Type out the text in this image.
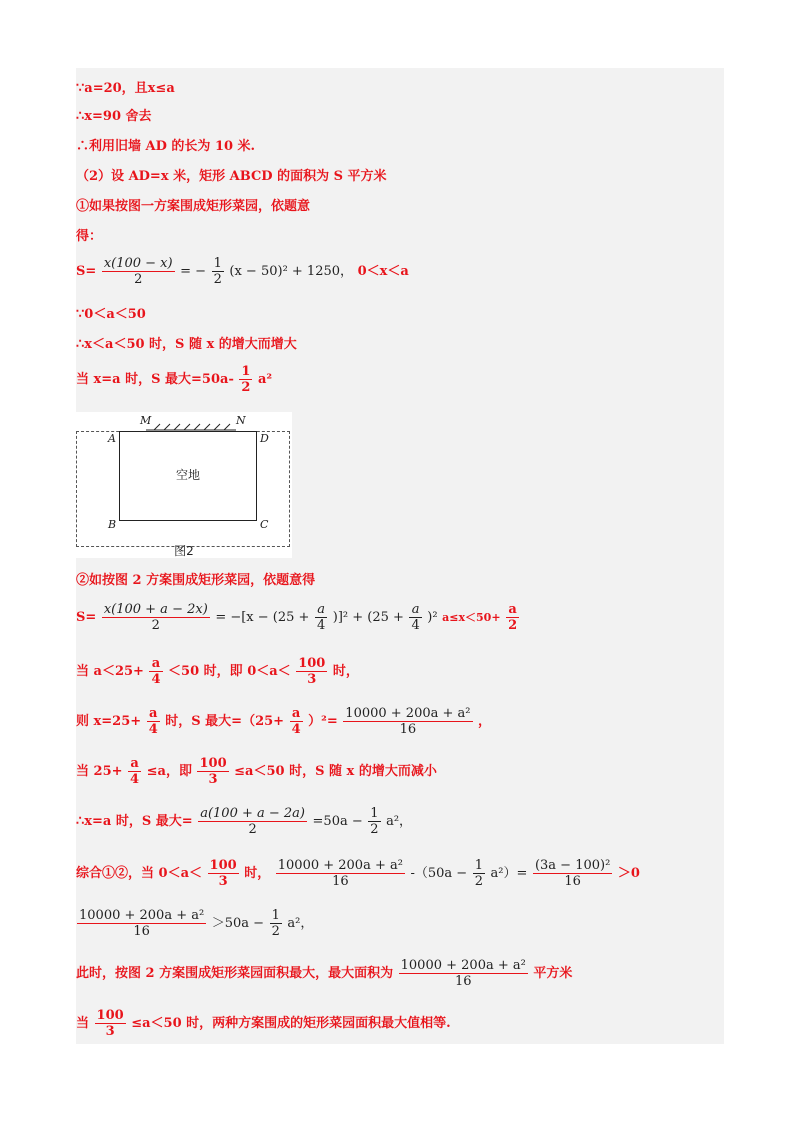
∵a=20，且x≤a
∴x=90 舍去
∴利用旧墙 AD 的长为 10 米.
（2）设 AD=x 米，矩形 ABCD 的面积为 S 平方米
①如果按图一方案围成矩形菜园，依题意
得：
$S= \frac{x(100 - x)}{2}$ = − $\frac{1}{2} (x - 50)^2 + 1250$， 0＜x＜a
∵0＜a＜50
∴x＜a＜50 时，S 随 x 的增大而增大
当 x=a 时，S 最大$=50a- \frac{1}{2} a^2$
空地
M	N
A	D
B	C
图2
②如按图 2 方案围成矩形菜园，依题意得
$S= \frac{x(100 + a - 2x)}{2} = -[x - (25 + \frac{a}{4} )]^2 + (25 + \frac{a}{4} )^2$ $a\le x<50+ \frac{a}{2}$
当 $a<25+ \frac{a}{4} <50$ 时，即 $0<a< \frac{100}{3}$ 时，
则 $x=25+ \frac{a}{4}$ 时，S 最大$=(25+ \frac{a}{4} )^2= \frac{\text{10000 + 200a + a²}}{16}$ ，
当 $25+ \frac{a}{4} \le a$，即 $\frac{100}{3} \le a<50$ 时，S 随 x 的增大而减小
∴x=a 时，S 最大= $\frac{a(100 + a - 2a)}{2} =50a - \frac{1}{2} a^2$，
综合①②，当 $0<a< \frac{100}{3}$ 时， $\frac{\text{10000 + 200a + a²}}{16} -(50a - \frac{1}{2} a^2)= \frac{\text{(3a − 100)²}}{16} >0$
$\frac{\text{10000 + 200a + a²}}{16} >50a - \frac{1}{2} a^2$，
此时，按图 2 方案围成矩形菜园面积最大，最大面积为 $\frac{\text{10000 + 200a + a²}}{16}$ 平方米
当 $\frac{100}{3} \le a<50$ 时，两种方案围成的矩形菜园面积最大值相等.
